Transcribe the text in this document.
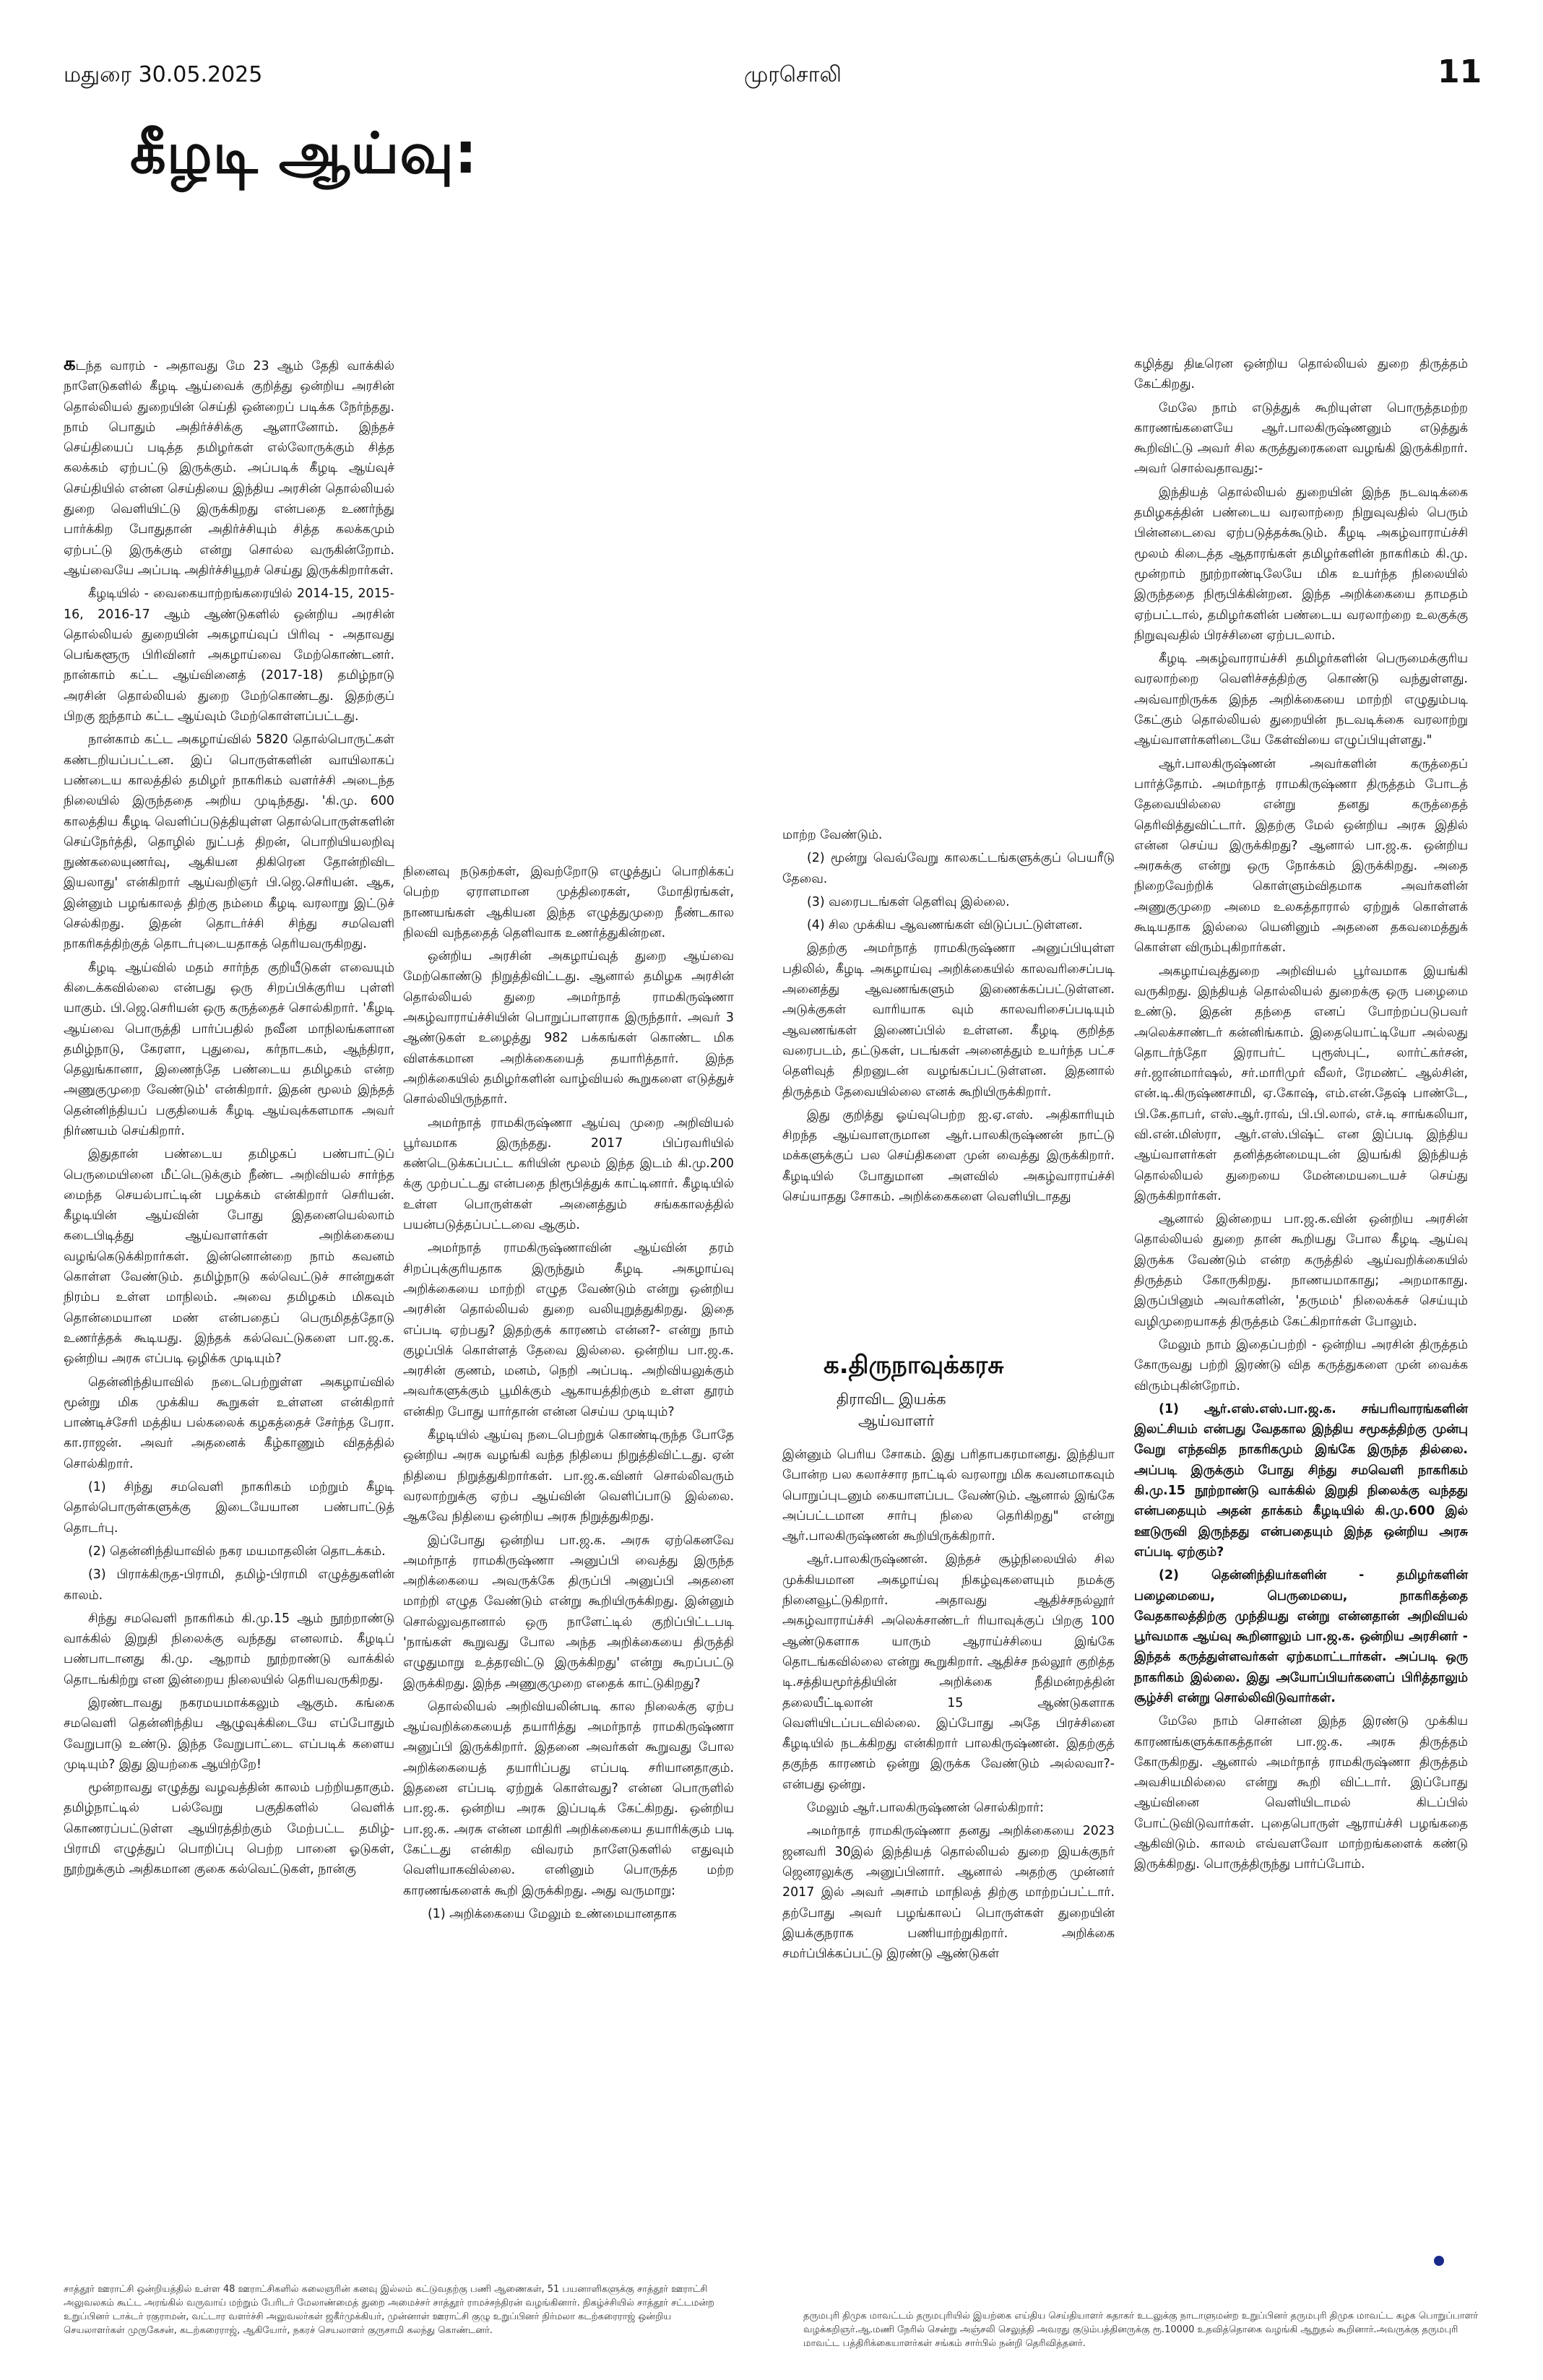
மதுரை 30.05.2025	முரசொலி	11
கீழடி ஆய்வு:

கடந்த வாரம் - அதாவது மே 23 ஆம் தேதி வாக்கில் நாளேடுகளில் கீழடி ஆய்வைக் குறித்து ஒன்றிய அரசின் தொல்லியல் துறையின் செய்தி ஒன்றைப் படிக்க நேர்ந்தது. நாம் பொதும் அதிர்ச்சிக்கு ஆளானோம். இந்தச் செய்தியைப் படித்த தமிழர்கள் எல்லோருக்கும் சித்த கலக்கம் ஏற்பட்டு இருக்கும். அப்படிக் கீழடி ஆய்வுச் செய்தியில் என்ன செய்தியை இந்திய அரசின் தொல்லியல் துறை வெளியிட்டு இருக்கிறது என்பதை உணர்ந்து பார்க்கிற போதுதான் அதிர்ச்சியும் சித்த கலக்கமும் ஏற்பட்டு இருக்கும் என்று சொல்ல வருகின்றோம். ஆய்வையே அப்படி அதிர்ச்சியூறச் செய்து இருக்கிறார்கள்.

கீழடியில் - வைகையாற்றங்கரையில் 2014-15, 2015-16, 2016-17 ஆம் ஆண்டுகளில் ஒன்றிய அரசின் தொல்லியல் துறையின் அகழாய்வுப் பிரிவு - அதாவது பெங்களூரு பிரிவினர் அகழாய்வை மேற்கொண்டனர். நான்காம் கட்ட ஆய்வினைத் (2017-18) தமிழ்நாடு அரசின் தொல்லியல் துறை மேற்கொண்டது. இதற்குப் பிறகு ஐந்தாம் கட்ட ஆய்வும் மேற்கொள்ளப்பட்டது.

நான்காம் கட்ட அகழாய்வில் 5820 தொல்பொருட்கள் கண்டறியப்பட்டன. இப் பொருள்களின் வாயிலாகப் பண்டைய காலத்தில் தமிழர் நாகரிகம் வளர்ச்சி அடைந்த நிலையில் இருந்ததை அறிய முடிந்தது. 'கி.மு. 600 காலத்திய கீழடி வெளிப்படுத்தியுள்ள தொல்பொருள்களின் செய்நேர்த்தி, தொழில் நுட்பத் திறன், பொறியியலறிவு நுண்கலையுணர்வு, ஆகியன திகிரென தோன்றிவிட இயலாது' என்கிறார் ஆய்வறிஞர் பி.ஜெ.செரியன். ஆக, இன்னும் பழங்காலத் திற்கு நம்மை கீழடி வரலாறு இட்டுச் செல்கிறது. இதன் தொடர்ச்சி சிந்து சமவெளி நாகரிகத்திற்குத் தொடர்புடையதாகத் தெரியவருகிறது.

கீழடி ஆய்வில் மதம் சார்ந்த குறியீடுகள் எவையும் கிடைக்கவில்லை என்பது ஒரு சிறப்பிக்குரிய புள்ளி யாகும். பி.ஜெ.செரியன் ஒரு கருத்தைச் சொல்கிறார். 'கீழடி ஆய்வை பொருத்தி பார்ப்பதில் நவீன மாநிலங்களான தமிழ்நாடு, கேரளா, புதுவை, கர்நாடகம், ஆந்திரா, தெலுங்கானா, இணைந்தே பண்டைய தமிழகம் என்ற அணுகுமுறை வேண்டும்' என்கிறார். இதன் மூலம் இந்தத் தென்னிந்தியப் பகுதியைக் கீழடி ஆய்வுக்களமாக அவர் நிர்ணயம் செய்கிறார்.

இதுதான் பண்டைய தமிழகப் பண்பாட்டுப் பெருமையினை மீட்டெடுக்கும் நீண்ட அறிவியல் சார்ந்த மைந்த செயல்பாட்டின் பழக்கம் என்கிறார் செரியன். கீழடியின் ஆய்வின் போது இதனையெல்லாம் கடைபிடித்து ஆய்வாளர்கள் அறிக்கையை வழங்கெடுக்கிறார்கள். இன்னொன்றை நாம் கவனம் கொள்ள வேண்டும். தமிழ்நாடு கல்வெட்டுச் சான்றுகள் நிரம்ப உள்ள மாநிலம். அவை தமிழகம் மிகவும் தொன்மையான மண் என்பதைப் பெருமிதத்தோடு உணர்த்தக் கூடியது. இந்தக் கல்வெட்டுகளை பா.ஜ.க. ஒன்றிய அரசு எப்படி ஒழிக்க முடியும்?

தென்னிந்தியாவில் நடைபெற்றுள்ள அகழாய்வில் மூன்று மிக முக்கிய கூறுகள் உள்ளன என்கிறார் பாண்டிச்சேரி மத்திய பல்கலைக் கழகத்தைச் சேர்ந்த பேரா. கா.ராஜன். அவர் அதனைக் கீழ்காணும் விதத்தில் சொல்கிறார்.

(1) சிந்து சமவெளி நாகரிகம் மற்றும் கீழடி தொல்பொருள்களுக்கு இடையேயான பண்பாட்டுத் தொடர்பு.

(2) தென்னிந்தியாவில் நகர மயமாதலின் தொடக்கம்.

(3) பிராக்கிருத-பிராமி, தமிழ்-பிராமி எழுத்துகளின் காலம்.

சிந்து சமவெளி நாகரிகம் கி.மு.15 ஆம் நூற்றாண்டு வாக்கில் இறுதி நிலைக்கு வந்தது எனலாம். கீழடிப் பண்பாடானது கி.மு. ஆறாம் நூற்றாண்டு வாக்கில் தொடங்கிற்று என இன்றைய நிலையில் தெரியவருகிறது.

இரண்டாவது நகரமயமாக்கலும் ஆகும். கங்கை சமவெளி தென்னிந்திய ஆழுவுக்கிடையே எப்போதும் வேறுபாடு உண்டு. இந்த வேறுபாட்டை எப்படிக் களைய முடியும்? இது இயற்கை ஆயிற்றே!

மூன்றாவது எழுத்து வழவத்தின் காலம் பற்றியதாகும். தமிழ்நாட்டில் பல்வேறு பகுதிகளில் வெளிக் கொணரப்பட்டுள்ள ஆயிரத்திற்கும் மேற்பட்ட தமிழ்-பிராமி எழுத்துப் பொறிப்பு பெற்ற பானை ஓடுகள், நூற்றுக்கும் அதிகமான குகை கல்வெட்டுகள், நான்கு

நினைவு நடுகற்கள், இவற்றோடு எழுத்துப் பொறிக்கப் பெற்ற ஏராளமான முத்திரைகள், மோதிரங்கள், நாணயங்கள் ஆகியன இந்த எழுத்துமுறை நீண்டகால நிலவி வந்ததைத் தெளிவாக உணர்த்துகின்றன.

ஒன்றிய அரசின் அகழாய்வுத் துறை ஆய்வை மேற்கொண்டு நிறுத்திவிட்டது. ஆனால் தமிழக அரசின் தொல்லியல் துறை அமர்நாத் ராமகிருஷ்ணா அகழ்வாராய்ச்சியின் பொறுப்பாளராக இருந்தார். அவர் 3 ஆண்டுகள் உழைத்து 982 பக்கங்கள் கொண்ட மிக விளக்கமான அறிக்கையைத் தயாரித்தார். இந்த அறிக்கையில் தமிழர்களின் வாழ்வியல் கூறுகளை எடுத்துச் சொல்லியிருந்தார்.

அமர்நாத் ராமகிருஷ்ணா ஆய்வு முறை அறிவியல் பூர்வமாக இருந்தது. 2017 பிப்ரவரியில் கண்டெடுக்கப்பட்ட கரியின் மூலம் இந்த இடம் கி.மு.200 க்கு முற்பட்டது என்பதை நிரூபித்துக் காட்டினார். கீழடியில் உள்ள பொருள்கள் அனைத்தும் சங்ககாலத்தில் பயன்படுத்தப்பட்டவை ஆகும்.

அமர்நாத் ராமகிருஷ்ணாவின் ஆய்வின் தரம் சிறப்புக்குரியதாக இருந்தும் கீழடி அகழாய்வு அறிக்கையை மாற்றி எழுத வேண்டும் என்று ஒன்றிய அரசின் தொல்லியல் துறை வலியுறுத்துகிறது. இதை எப்படி ஏற்பது? இதற்குக் காரணம் என்ன?- என்று நாம் குழப்பிக் கொள்ளத் தேவை இல்லை. ஒன்றிய பா.ஜ.க. அரசின் குணம், மனம், நெறி அப்படி. அறிவியலுக்கும் அவர்களுக்கும் பூமிக்கும் ஆகாயத்திற்கும் உள்ள தூரம் என்கிற போது யார்தான் என்ன செய்ய முடியும்?

கீழடியில் ஆய்வு நடைபெற்றுக் கொண்டிருந்த போதே ஒன்றிய அரசு வழங்கி வந்த நிதியை நிறுத்திவிட்டது. ஏன் நிதியை நிறுத்துகிறார்கள். பா.ஜ.க.வினர் சொல்லிவரும் வரலாற்றுக்கு ஏற்ப ஆய்வின் வெளிப்பாடு இல்லை. ஆகவே நிதியை ஒன்றிய அரசு நிறுத்துகிறது.

இப்போது ஒன்றிய பா.ஜ.க. அரசு ஏற்கெனவே அமர்நாத் ராமகிருஷ்ணா அனுப்பி வைத்து இருந்த அறிக்கையை அவருக்கே திருப்பி அனுப்பி அதனை மாற்றி எழுத வேண்டும் என்று கூறியிருக்கிறது. இன்னும் சொல்லுவதானால் ஒரு நாளேட்டில் குறிப்பிட்டபடி 'நாங்கள் கூறுவது போல அந்த அறிக்கையை திருத்தி எழுதுமாறு உத்தரவிட்டு இருக்கிறது' என்று கூறப்பட்டு இருக்கிறது. இந்த அணுகுமுறை எதைக் காட்டுகிறது?

தொல்லியல் அறிவியலின்படி கால நிலைக்கு ஏற்ப ஆய்வறிக்கையைத் தயாரித்து அமர்நாத் ராமகிருஷ்ணா அனுப்பி இருக்கிறார். இதனை அவர்கள் கூறுவது போல அறிக்கையைத் தயாரிப்பது எப்படி சரியானதாகும். இதனை எப்படி ஏற்றுக் கொள்வது? என்ன பொருளில் பா.ஜ.க. ஒன்றிய அரசு இப்படிக் கேட்கிறது. ஒன்றிய பா.ஜ.க. அரசு என்ன மாதிரி அறிக்கையை தயாரிக்கும் படி கேட்டது என்கிற விவரம் நாளேடுகளில் எதுவும் வெளியாகவில்லை. எனினும் பொருத்த மற்ற காரணங்களைக் கூறி இருக்கிறது. அது வருமாறு:

(1) அறிக்கையை மேலும் உண்மையானதாக

மாற்ற வேண்டும்.

(2) மூன்று வெவ்வேறு காலகட்டங்களுக்குப் பெயரீடு தேவை.

(3) வரைபடங்கள் தெளிவு இல்லை.

(4) சில முக்கிய ஆவணங்கள் விடுப்பட்டுள்ளன.

இதற்கு அமர்நாத் ராமகிருஷ்ணா அனுப்பியுள்ள பதிலில், கீழடி அகழாய்வு அறிக்கையில் காலவரிசைப்படி அனைத்து ஆவணங்களும் இணைக்கப்பட்டுள்ளன. அடுக்குகள் வாரியாக வும் காலவரிசைப்படியும் ஆவணங்கள் இணைப்பில் உள்ளன. கீழடி குறித்த வரைபடம், தட்டுகள், படங்கள் அனைத்தும் உயர்ந்த பட்ச தெளிவுத் திறனுடன் வழங்கப்பட்டுள்ளன. இதனால் திருத்தம் தேவையில்லை எனக் கூறியிருக்கிறார்.

இது குறித்து ஓய்வுபெற்ற ஐ.ஏ.எஸ். அதிகாரியும் சிறந்த ஆய்வாளருமான ஆர்.பாலகிருஷ்ணன் நாட்டு மக்களுக்குப் பல செய்திகளை முன் வைத்து இருக்கிறார். கீழடியில் போதுமான அளவில் அகழ்வாராய்ச்சி செய்யாதது சோகம். அறிக்கைகளை வெளியிடாதது

க.திருநாவுக்கரசு
திராவிட இயக்க
ஆய்வாளர்

இன்னும் பெரிய சோகம். இது பரிதாபகரமானது. இந்தியா போன்ற பல கலாச்சார நாட்டில் வரலாறு மிக கவனமாகவும் பொறுப்புடனும் கையாளப்பட வேண்டும். ஆனால் இங்கே அப்பட்டமான சார்பு நிலை தெரிகிறது" என்று ஆர்.பாலகிருஷ்ணன் கூறியிருக்கிறார்.

ஆர்.பாலகிருஷ்ணன். இந்தச் சூழ்நிலையில் சில முக்கியமான அகழாய்வு நிகழ்வுகளையும் நமக்கு நினைவூட்டுகிறார். அதாவது ஆதிச்சநல்லூர் அகழ்வாராய்ச்சி அலெக்சாண்டர் ரியாவுக்குப் பிறகு 100 ஆண்டுகளாக யாரும் ஆராய்ச்சியை இங்கே தொடங்கவில்லை என்று கூறுகிறார். ஆதிச்ச நல்லூர் குறித்த டி.சத்தியமூர்த்தியின் அறிக்கை நீதிமன்றத்தின் தலையீட்டிலான் 15 ஆண்டுகளாக வெளியிடப்படவில்லை. இப்போது அதே பிரச்சினை கீழடியில் நடக்கிறது என்கிறார் பாலகிருஷ்ணன். இதற்குத் தகுந்த காரணம் ஒன்று இருக்க வேண்டும் அல்லவா?-என்பது ஒன்று.

மேலும் ஆர்.பாலகிருஷ்ணன் சொல்கிறார்:

அமர்நாத் ராமகிருஷ்ணா தனது அறிக்கையை 2023 ஜனவரி 30இல் இந்தியத் தொல்லியல் துறை இயக்குநர் ஜெனரலுக்கு அனுப்பினார். ஆனால் அதற்கு முன்னர் 2017 இல் அவர் அசாம் மாநிலத் திற்கு மாற்றப்பட்டார். தற்போது அவர் பழங்காலப் பொருள்கள் துறையின் இயக்குநராக பணியாற்றுகிறார். அறிக்கை சமர்ப்பிக்கப்பட்டு இரண்டு ஆண்டுகள்

கழித்து திடீரென ஒன்றிய தொல்லியல் துறை திருத்தம் கேட்கிறது.

மேலே நாம் எடுத்துக் கூறியுள்ள பொருத்தமற்ற காரணங்களையே ஆர்.பாலகிருஷ்ணனும் எடுத்துக் கூறிவிட்டு அவர் சில கருத்துரைகளை வழங்கி இருக்கிறார். அவர் சொல்வதாவது:-

இந்தியத் தொல்லியல் துறையின் இந்த நடவடிக்கை தமிழகத்தின் பண்டைய வரலாற்றை நிறுவுவதில் பெரும் பின்னடைவை ஏற்படுத்தக்கூடும். கீழடி அகழ்வாராய்ச்சி மூலம் கிடைத்த ஆதாரங்கள் தமிழர்களின் நாகரிகம் கி.மு. மூன்றாம் நூற்றாண்டிலேயே மிக உயர்ந்த நிலையில் இருந்ததை நிரூபிக்கின்றன. இந்த அறிக்கையை தாமதம் ஏற்பட்டால், தமிழர்களின் பண்டைய வரலாற்றை உலகுக்கு நிறுவுவதில் பிரச்சினை ஏற்படலாம்.

கீழடி அகழ்வாராய்ச்சி தமிழர்களின் பெருமைக்குரிய வரலாற்றை வெளிச்சத்திற்கு கொண்டு வந்துள்ளது. அவ்வாறிருக்க இந்த அறிக்கையை மாற்றி எழுதும்படி கேட்கும் தொல்லியல் துறையின் நடவடிக்கை வரலாற்று ஆய்வாளர்களிடையே கேள்வியை எழுப்பியுள்ளது."

ஆர்.பாலகிருஷ்ணன் அவர்களின் கருத்தைப் பார்த்தோம். அமர்நாத் ராமகிருஷ்ணா திருத்தம் போடத் தேவையில்லை என்று தனது கருத்தைத் தெரிவித்துவிட்டார். இதற்கு மேல் ஒன்றிய அரசு இதில் என்ன செய்ய இருக்கிறது? ஆனால் பா.ஜ.க. ஒன்றிய அரசுக்கு என்று ஒரு நோக்கம் இருக்கிறது. அதை நிறைவேற்றிக் கொள்ளும்விதமாக அவர்களின் அணுகுமுறை அமை உலகத்தாரால் ஏற்றுக் கொள்ளக் கூடியதாக இல்லை யெனினும் அதனை தகவமைத்துக் கொள்ள விரும்புகிறார்கள்.

அகழாய்வுத்துறை அறிவியல் பூர்வமாக இயங்கி வருகிறது. இந்தியத் தொல்லியல் துறைக்கு ஒரு பழைமை உண்டு. இதன் தந்தை எனப் போற்றப்படுபவர் அலெக்சாண்டர் கன்னிங்காம். இதையொட்டியோ அல்லது தொடர்ந்தோ இராபர்ட் புரூஸ்புட், லார்ட்கர்சன், சர்.ஜான்மார்ஷல், சர்.மாரிமுர் வீலர், ரேமண்ட் ஆல்சின், என்.டி.கிருஷ்ணசாமி, ஏ.கோஷ், எம்.என்.தேஷ் பாண்டே, பி.கே.தாபர், எஸ்.ஆர்.ராவ், பி.பி.லால், எச்.டி சாங்கலியா, வி.என்.மிஸ்ரா, ஆர்.எஸ்.பிஷ்ட் என இப்படி இந்திய ஆய்வாளர்கள் தனித்தன்மையுடன் இயங்கி இந்தியத் தொல்லியல் துறையை மேன்மையடையச் செய்து இருக்கிறார்கள்.

ஆனால் இன்றைய பா.ஜ.க.வின் ஒன்றிய அரசின் தொல்லியல் துறை தான் கூறியது போல கீழடி ஆய்வு இருக்க வேண்டும் என்ற கருத்தில் ஆய்வறிக்கையில் திருத்தம் கோருகிறது. நாணயமாகாது; அறமாகாது. இருப்பினும் அவர்களின், 'தருமம்' நிலைக்கச் செய்யும் வழிமுறையாகத் திருத்தம் கேட்கிறார்கள் போலும்.

மேலும் நாம் இதைப்பற்றி - ஒன்றிய அரசின் திருத்தம் கோருவது பற்றி இரண்டு வித கருத்துகளை முன் வைக்க விரும்புகின்றோம்.

(1) ஆர்.எஸ்.எஸ்.பா.ஜ.க. சங்பரிவாரங்களின் இலட்சியம் என்பது வேதகால இந்திய சமூகத்திற்கு முன்பு வேறு எந்தவித நாகரிகமும் இங்கே இருந்த தில்லை. அப்படி இருக்கும் போது சிந்து சமவெளி நாகரிகம் கி.மு.15 நூற்றாண்டு வாக்கில் இறுதி நிலைக்கு வந்தது என்பதையும் அதன் தாக்கம் கீழடியில் கி.மு.600 இல் ஊடுருவி இருந்தது என்பதையும் இந்த ஒன்றிய அரசு எப்படி ஏற்கும்?

(2) தென்னிந்தியர்களின் - தமிழர்களின் பழைமையை, பெருமையை, நாகரிகத்தை வேதகாலத்திற்கு முந்தியது என்று என்னதான் அறிவியல் பூர்வமாக ஆய்வு கூறினாலும் பா.ஜ.க. ஒன்றிய அரசினர் - இந்தக் கருத்துள்ளவர்கள் ஏற்கமாட்டார்கள். அப்படி ஒரு நாகரிகம் இல்லை. இது அயோப்பியர்களைப் பிரித்தாலும் சூழ்ச்சி என்று சொல்லிவிடுவார்கள்.

மேலே நாம் சொன்ன இந்த இரண்டு முக்கிய காரணங்களுக்காகத்தான் பா.ஜ.க. அரசு திருத்தம் கோருகிறது. ஆனால் அமர்நாத் ராமகிருஷ்ணா திருத்தம் அவசியமில்லை என்று கூறி விட்டார். இப்போது ஆய்வினை வெளியிடாமல் கிடப்பில் போட்டுவிடுவார்கள். புதைபொருள் ஆராய்ச்சி பழங்கதை ஆகிவிடும். காலம் எவ்வளவோ மாற்றங்களைக் கண்டு இருக்கிறது. பொருத்திருந்து பார்ப்போம்.

சாத்தூர் ஊராட்சி ஒன்றியத்தில் உள்ள 48 ஊராட்சிகளில் கலைஞரின் கனவு இல்லம் கட்டுவதற்கு பணி ஆணைகள், 51 பயனாளிகளுக்கு சாத்தூர் ஊராட்சி அலுவலகம் கூட்ட அரங்கில் வருவாய் மற்றும் பேரிடர் மேலாண்மைத் துறை அமைச்சர் சாத்தூர் ராமச்சந்திரன் வழங்கினார். நிகழ்ச்சியில் சாத்தூர் சட்டமன்ற உறுப்பினர் டாக்டர் ரகுராமன், வட்டார வளர்ச்சி அலுவலர்கள் ஜகீர்முக்கியர், முன்னாள் ஊராட்சி குழு உறுப்பினர் நிர்மலா கடற்கரைராஜ் ஒன்றிய செயலாளர்கள் முருகேசன், கடற்கரைராஜ், ஆகியோர், நகரச் செயலாளர் குருசாமி கலந்து கொண்டனர்.
தருமபுரி திமுக மாவட்டம் தருமபுரியில் இயற்கை எய்திய செய்தியாளர் சுதாகர் உடலுக்கு நாடாளுமன்ற உறுப்பினர் தருமபுரி திமுக மாவட்ட கழக பொறுப்பாளர் வழக்கறிஞர்.ஆ.மணி நேரில் சென்று அஞ்சலி செலுத்தி அவரது குடும்பத்தினருக்கு ரூ.10000 உதவித்தொகை வழங்கி ஆறுதல் கூறினார்.அவருக்கு தருமபுரி மாவட்ட பத்திரிக்கையாளர்கள் சங்கம் சார்பில் நன்றி தெரிவித்தனர்.
